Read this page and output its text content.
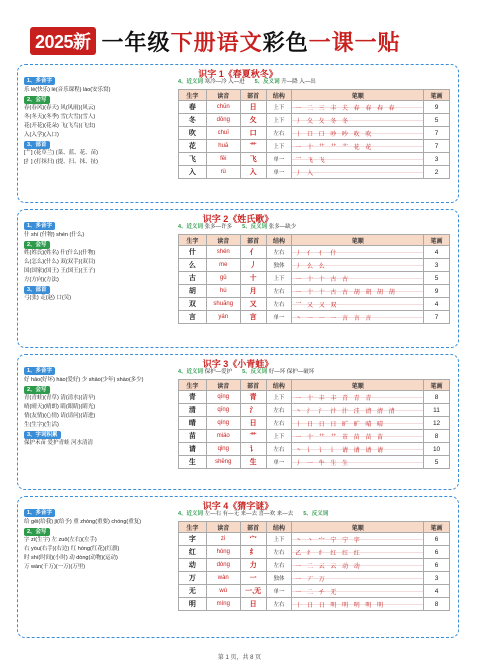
2025新 一年级下册语文彩色一课一贴
识字 1《春夏秋冬》
1、多音字
乐 lè(快乐) lè(音乐课程) lào(安乐窝)
2、会写
春(春风)(春天) 风(风雨)(风云)
冬(冬天)(冬季) 雪(大雪)(雪人)
花(开花)(花朵) 飞(飞鸟)(飞虫)
入(入学)(入口)
3、部首
[艹] (花草兰) (菜、蓝、花、苗)
[扌] (打抹扫) (提、扫、抹、扯)
4、近义词 寒冷—冷 入—进 5、反义词 升—降 入—出
生字	读音	部首	结构	笔顺	笔画
春	chūn	日	上下	一 二 三 丰 夫 春 春 春 春	9
冬	dōng	夂	上下	丿 夂 夂 冬 冬	5
吹	chuī	口	左右	丨 口 口 吵 吵 吹 吹	7
花	huā	艹	上下	一 十 艹 艹 艹 花 花	7
飞	fēi	飞	单一	乛 飞 飞	3
入	rù	入	单一	丿 入	2
识字 2《姓氏歌》
1、多音字
什 shí (什物) shén (什么)
2、会写
姓(姓氏)(姓名) 什(什么)(什物)
么(怎么)(什么) 双(双手)(双目)
国(国家)(国王) 王(国王)(王子)
方(方向)(方法)
3、部首
弓(张) 走(赵) 口(吴)
4、近义词 张多—许多 5、反义词 张多—缺少
生字	读音	部首	结构	笔顺	笔画
什	shén	亻	左右	丿 亻 亻 什	4
么	me	丿	独体	丿 么 么	3
古	gǔ	十	上下	一 十 十 古 古	5
胡	hú	月	左右	一 十 十 古 古 胡 胡 胡 胡	9
双	shuāng	又	左右	乛 又 又 双	4
言	yán	言	单一	丶 一 一 一 言 言 言	7
识字 3《小青蛙》
1、多音字
好 hǎo(好坏) hào(爱好) 少 shǎo(少年) shào(多少)
2、会写
青(青蛙)(青草) 清(清水)(清早)
晴(晴天)(晴朗) 睛(眼睛)(睛光)
情(友情)(心情) 请(请问)(请进)
生(生字)(生活)
3、字词积累
保护禾苗 爱护青蛙 河水清清
4、近义词 保护—爱护 5、反义词 好—坏 保护—破坏
生字	读音	部首	结构	笔顺	笔画
青	qīng	青	上下	一 十 丰 丰 青 青 青	8
清	qīng	氵	左右	丶 氵 氵 汁 汁 洼 清 清 清	11
晴	qíng	日	左右	丨 日 日 日 旷 旷 晴 晴	12
苗	miáo	艹	上下	一 十 艹 艹 芇 苗 苗 苗	8
请	qǐng	讠	左右	丶 讠 讠 讠 请 请 请 请	10
生	shēng	生	单一	丿 一 牛 生 生	5
识字 4《猜字谜》
1、多音字
给 gěi(给我) jǐ(给予) 重 zhòng(重要) chóng(重复)
2、会写
字 zì(生字) 左 zuǒ(左右)(左手)
右 yòu(右手)(右边) 红 hóng(红花)(红旗)
时 shí(时间)(小时) 动 dòng(动物)(运动)
万 wàn(千万)(一万)(万里)
4、近义词 左—右 有—无 来—去 喜—欢 来—去 5、反义词
生字	读音	部首	结构	笔顺	笔画
字	zì	宀	上下	丶 丶 宀 宁 宁 字	6
红	hóng	纟	左右	乙 纟 纟 红 红 红	6
动	dòng	力	左右	一 二 云 云 动 动	6
万	wàn	一	独体	一 丆 万	3
无	wú	一,无	单一	一 二 チ 无	4
明	míng	日	左右	丨 日 日 明 明 明 明 明	8
第 1 页，共 8 页
